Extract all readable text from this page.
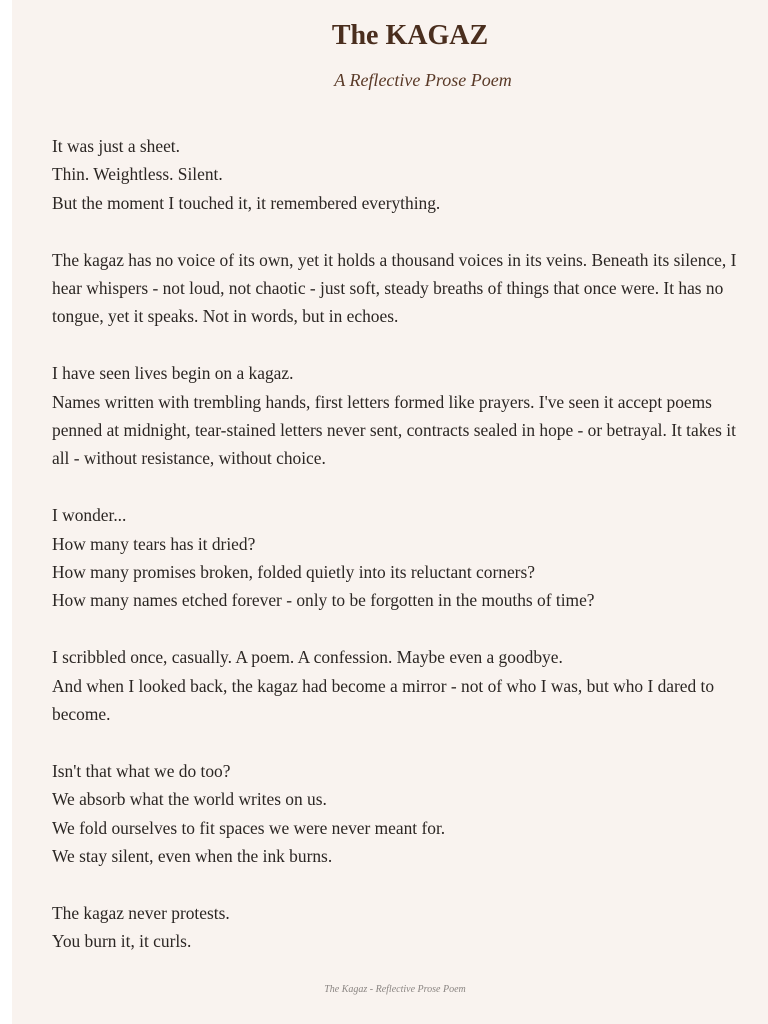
The KAGAZ
A Reflective Prose Poem

It was just a sheet.
Thin. Weightless. Silent.
But the moment I touched it, it remembered everything.

The kagaz has no voice of its own, yet it holds a thousand voices in its veins. Beneath its silence, I hear whispers - not loud, not chaotic - just soft, steady breaths of things that once were. It has no tongue, yet it speaks. Not in words, but in echoes.

I have seen lives begin on a kagaz.
Names written with trembling hands, first letters formed like prayers. I've seen it accept poems penned at midnight, tear-stained letters never sent, contracts sealed in hope - or betrayal. It takes it all - without resistance, without choice.

I wonder...
How many tears has it dried?
How many promises broken, folded quietly into its reluctant corners?
How many names etched forever - only to be forgotten in the mouths of time?

I scribbled once, casually. A poem. A confession. Maybe even a goodbye.
And when I looked back, the kagaz had become a mirror - not of who I was, but who I dared to become.

Isn't that what we do too?
We absorb what the world writes on us.
We fold ourselves to fit spaces we were never meant for.
We stay silent, even when the ink burns.

The kagaz never protests.
You burn it, it curls.

The Kagaz - Reflective Prose Poem
